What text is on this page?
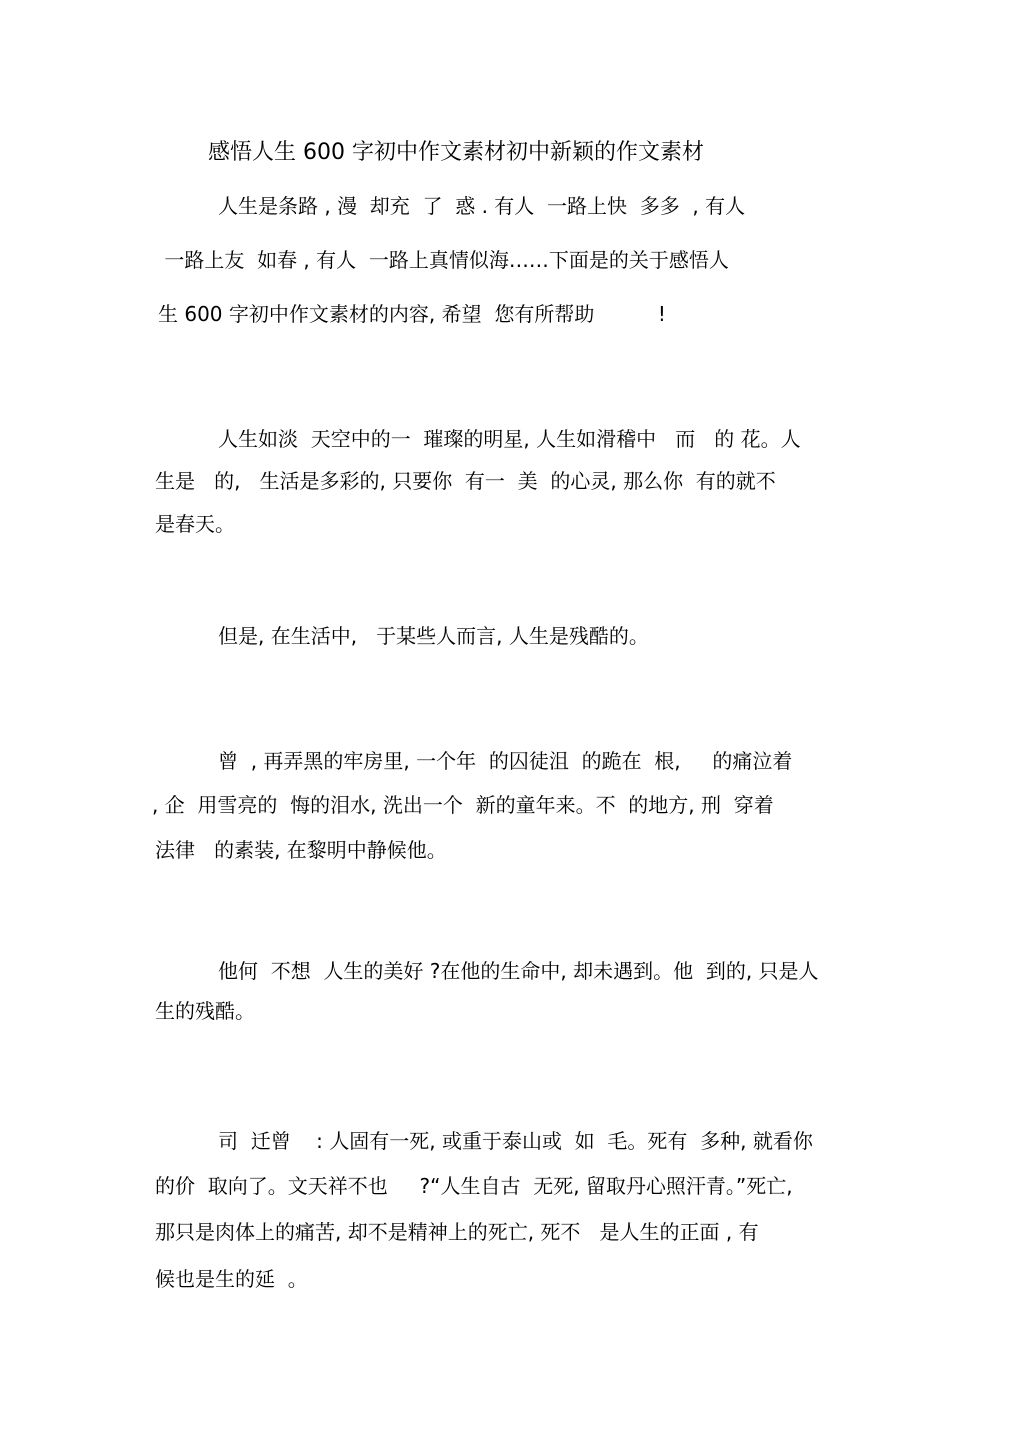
感悟人生 600 字初中作文素材初中新颖的作文素材
人生是条路 , 漫  却充  了  惑 . 有人  一路上快  多多  , 有人
一路上友  如春 , 有人  一路上真情似海……下面是的关于感悟人
生 600 字初中作文素材的内容, 希望  您有所帮助          !
人生如淡  天空中的一  璀璨的明星, 人生如滑稽中   而   的 花。人
生是   的,   生活是多彩的, 只要你  有一  美  的心灵, 那么你  有的就不
是春天。
但是, 在生活中,   于某些人而言, 人生是残酷的。
曾  , 再弄黑的牢房里, 一个年  的囚徒沮  的跪在  根,     的痛泣着
, 企  用雪亮的  悔的泪水, 洗出一个  新的童年来。不  的地方, 刑  穿着
法律   的素装, 在黎明中静候他。
他何  不想  人生的美好 ?在他的生命中, 却未遇到。他  到的, 只是人
生的残酷。
司  迁曾    : 人固有一死, 或重于泰山或  如  毛。死有  多种, 就看你
的价  取向了。文天祥不也     ?“人生自古  无死, 留取丹心照汗青。”死亡,
那只是肉体上的痛苦, 却不是精神上的死亡, 死不   是人生的正面 , 有
候也是生的延  。
